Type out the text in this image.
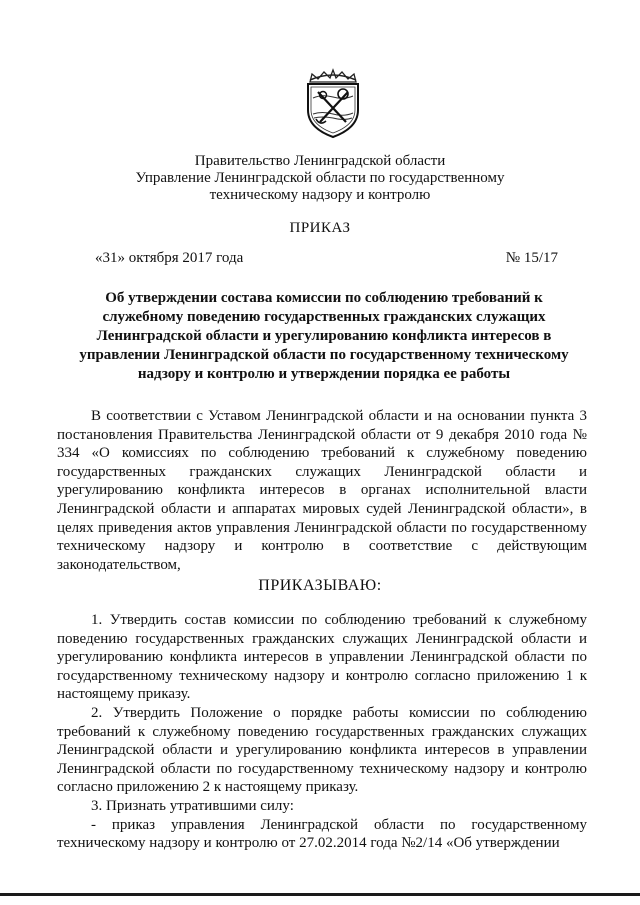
Правительство Ленинградской области
Управление Ленинградской области по государственному
техническому надзору и контролю
ПРИКАЗ
«31» октября 2017 года	№ 15/17
Об утверждении состава комиссии по соблюдению требований к служебному поведению государственных гражданских служащих Ленинградской области и урегулированию конфликта интересов в управлении Ленинградской области по государственному техническому надзору и контролю и утверждении порядка ее работы

В соответствии с Уставом Ленинградской области и на основании пункта 3 постановления Правительства Ленинградской области от 9 декабря 2010 года № 334 «О комиссиях по соблюдению требований к служебному поведению государственных гражданских служащих Ленинградской области и урегулированию конфликта интересов в органах исполнительной власти Ленинградской области и аппаратах мировых судей Ленинградской области», в целях приведения актов управления Ленинградской области по государственному техническому надзору и контролю в соответствие с действующим законодательством,

ПРИКАЗЫВАЮ:

1. Утвердить состав комиссии по соблюдению требований к служебному поведению государственных гражданских служащих Ленинградской области и урегулированию конфликта интересов в управлении Ленинградской области по государственному техническому надзору и контролю согласно приложению 1 к настоящему приказу.

2. Утвердить Положение о порядке работы комиссии по соблюдению требований к служебному поведению государственных гражданских служащих Ленинградской области и урегулированию конфликта интересов в управлении Ленинградской области по государственному техническому надзору и контролю согласно приложению 2 к настоящему приказу.

3. Признать утратившими силу:

- приказ управления Ленинградской области по государственному техническому надзору и контролю от 27.02.2014 года №2/14 «Об утверждении
